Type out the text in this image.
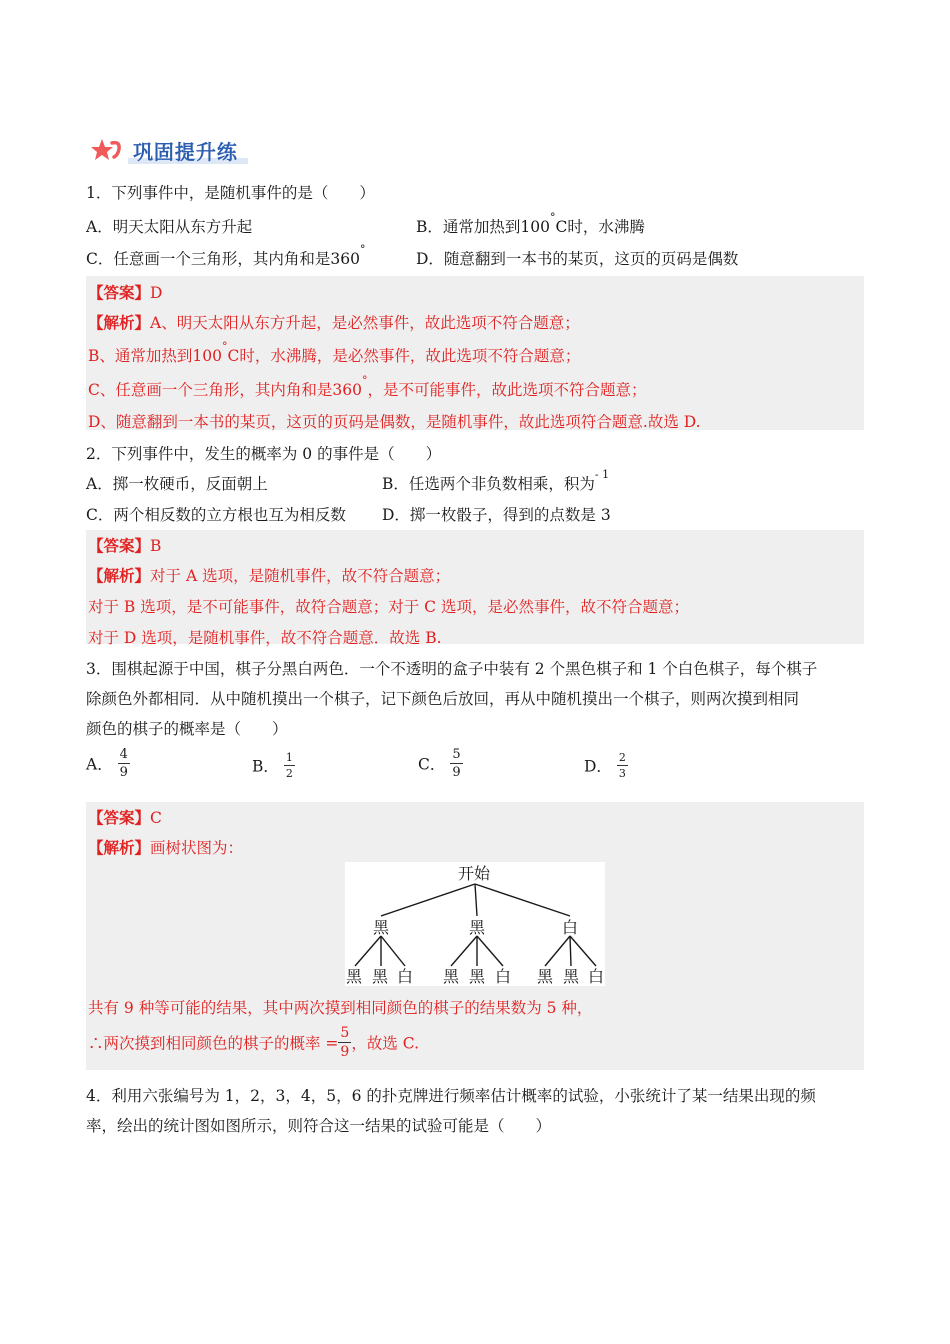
巩固提升练
1．下列事件中，是随机事件的是（　　）
A．明天太阳从东方升起	B．通常加热到100°C时，水沸腾
C．任意画一个三角形，其内角和是360°
D．随意翻到一本书的某页，这页的页码是偶数
【答案】D
【解析】A、明天太阳从东方升起，是必然事件，故此选项不符合题意；
B、通常加热到100°C时，水沸腾，是必然事件，故此选项不符合题意；
C、任意画一个三角形，其内角和是360°，是不可能事件，故此选项不符合题意；
D、随意翻到一本书的某页，这页的页码是偶数，是随机事件，故此选项符合题意.故选 D.
2．下列事件中，发生的概率为 0 的事件是（　　）
A．掷一枚硬币，反面朝上	B．任选两个非负数相乘，积为$^{- 1}$
C．两个相反数的立方根也互为相反数 D．掷一枚骰子，得到的点数是 3
【答案】B
【解析】对于 A 选项，是随机事件，故不符合题意；
对于 B 选项，是不可能事件，故符合题意；对于 C 选项，是必然事件，故不符合题意；
对于 D 选项，是随机事件，故不符合题意．故选 B.
3．围棋起源于中国，棋子分黑白两色．一个不透明的盒子中装有 2 个黑色棋子和 1 个白色棋子，每个棋子
除颜色外都相同．从中随机摸出一个棋子，记下颜色后放回，再从中随机摸出一个棋子，则两次摸到相同
颜色的棋子的概率是（　　）
A． $\frac{4}{9}$	B． $\frac{1}{2}$	C． $\frac{5}{9}$	D． $\frac{2}{3}$
【答案】C
【解析】画树状图为：
开始
黑	黑	白
黑 黑 白 黑 黑 白 黑 黑 白
共有 9 种等可能的结果，其中两次摸到相同颜色的棋子的结果数为 5 种，
∴两次摸到相同颜色的棋子的概率 = $\frac{5}{9}$ ，故选 C.
4．利用六张编号为 1，2，3，4，5，6 的扑克牌进行频率估计概率的试验，小张统计了某一结果出现的频
率，绘出的统计图如图所示，则符合这一结果的试验可能是（　　）
